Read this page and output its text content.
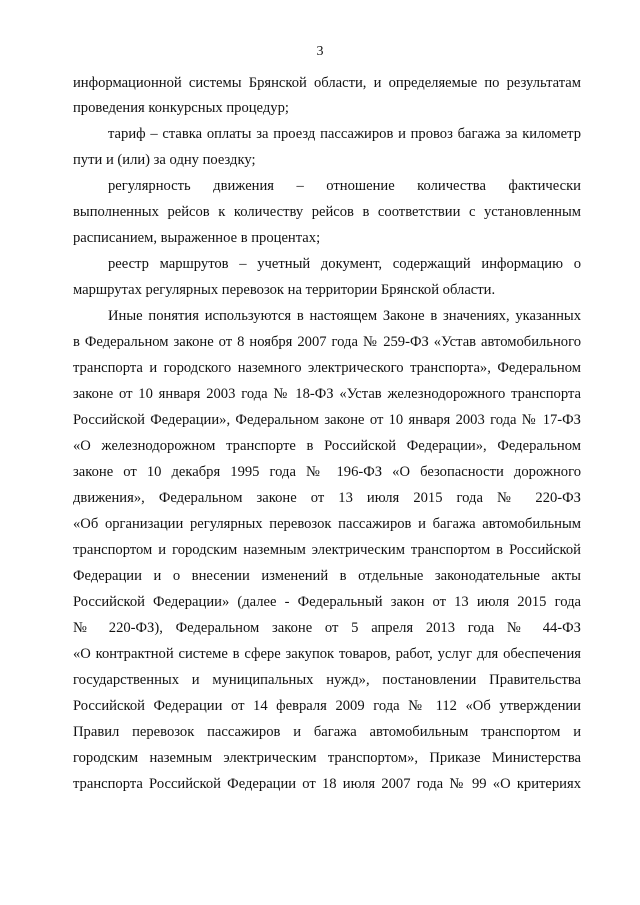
3
информационной системы Брянской области, и определяемые по результатам
проведения конкурсных процедур;
тариф – ставка оплаты за проезд пассажиров и провоз багажа за километр
пути и (или) за одну поездку;
регулярность движения – отношение количества фактически
выполненных рейсов к количеству рейсов в соответствии с установленным
расписанием, выраженное в процентах;
реестр маршрутов – учетный документ, содержащий информацию о
маршрутах регулярных перевозок на территории Брянской области.
Иные понятия используются в настоящем Законе в значениях, указанных
в Федеральном законе от 8 ноября 2007 года № 259-ФЗ «Устав автомобильного
транспорта и городского наземного электрического транспорта», Федеральном
законе от 10 января 2003 года № 18-ФЗ «Устав железнодорожного транспорта
Российской Федерации», Федеральном законе от 10 января 2003 года № 17-ФЗ
«О железнодорожном транспорте в Российской Федерации», Федеральном
законе от 10 декабря 1995 года № 196-ФЗ «О безопасности дорожного
движения», Федеральном законе от 13 июля 2015 года № 220-ФЗ
«Об организации регулярных перевозок пассажиров и багажа автомобильным
транспортом и городским наземным электрическим транспортом в Российской
Федерации и о внесении изменений в отдельные законодательные акты
Российской Федерации» (далее - Федеральный закон от 13 июля 2015 года
№ 220-ФЗ), Федеральном законе от 5 апреля 2013 года № 44-ФЗ
«О контрактной системе в сфере закупок товаров, работ, услуг для обеспечения
государственных и муниципальных нужд», постановлении Правительства
Российской Федерации от 14 февраля 2009 года № 112 «Об утверждении
Правил перевозок пассажиров и багажа автомобильным транспортом и
городским наземным электрическим транспортом», Приказе Министерства
транспорта Российской Федерации от 18 июля 2007 года № 99 «О критериях
